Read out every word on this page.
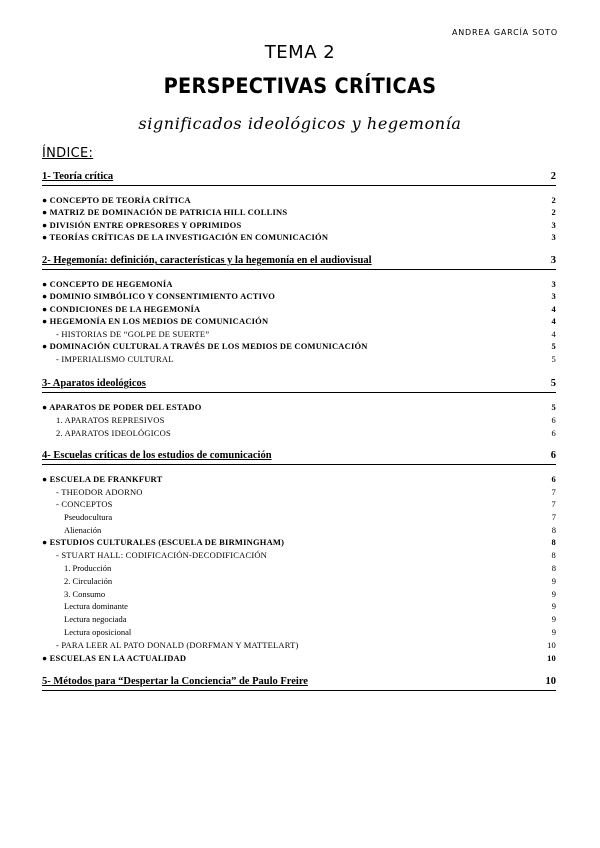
ANDREA GARCÍA SOTO
TEMA 2
PERSPECTIVAS CRÍTICAS
significados ideológicos y hegemonía
ÍNDICE:
1- Teoría crítica	2
● CONCEPTO DE TEORÍA CRÍTICA	2
● MATRIZ DE DOMINACIÓN DE PATRICIA HILL COLLINS	2
● DIVISIÓN ENTRE OPRESORES Y OPRIMIDOS	3
● TEORÍAS CRÍTICAS DE LA INVESTIGACIÓN EN COMUNICACIÓN	3
2- Hegemonía: definición, características y la hegemonía en el audiovisual	3
● CONCEPTO DE HEGEMONÍA	3
● DOMINIO SIMBÓLICO Y CONSENTIMIENTO ACTIVO	3
● CONDICIONES DE LA HEGEMONÍA	4
● HEGEMONÍA EN LOS MEDIOS DE COMUNICACIÓN	4
- HISTORIAS DE “GOLPE DE SUERTE”	4
● DOMINACIÓN CULTURAL A TRAVÉS DE LOS MEDIOS DE COMUNICACIÓN	5
- IMPERIALISMO CULTURAL	5
3- Aparatos ideológicos	5
● APARATOS DE PODER DEL ESTADO	5
1. APARATOS REPRESIVOS	6
2. APARATOS IDEOLÓGICOS	6
4- Escuelas críticas de los estudios de comunicación	6
● ESCUELA DE FRANKFURT	6
- THEODOR ADORNO	7
- CONCEPTOS	7
Pseudocultura	7
Alienación	8
● ESTUDIOS CULTURALES (ESCUELA DE BIRMINGHAM)	8
- STUART HALL: CODIFICACIÓN-DECODIFICACIÓN	8
1. Producción	8
2. Circulación	9
3. Consumo	9
Lectura dominante	9
Lectura negociada	9
Lectura oposicional	9
- PARA LEER AL PATO DONALD (DORFMAN Y MATTELART)	10
● ESCUELAS EN LA ACTUALIDAD	10
5- Métodos para “Despertar la Conciencia” de Paulo Freire	10
